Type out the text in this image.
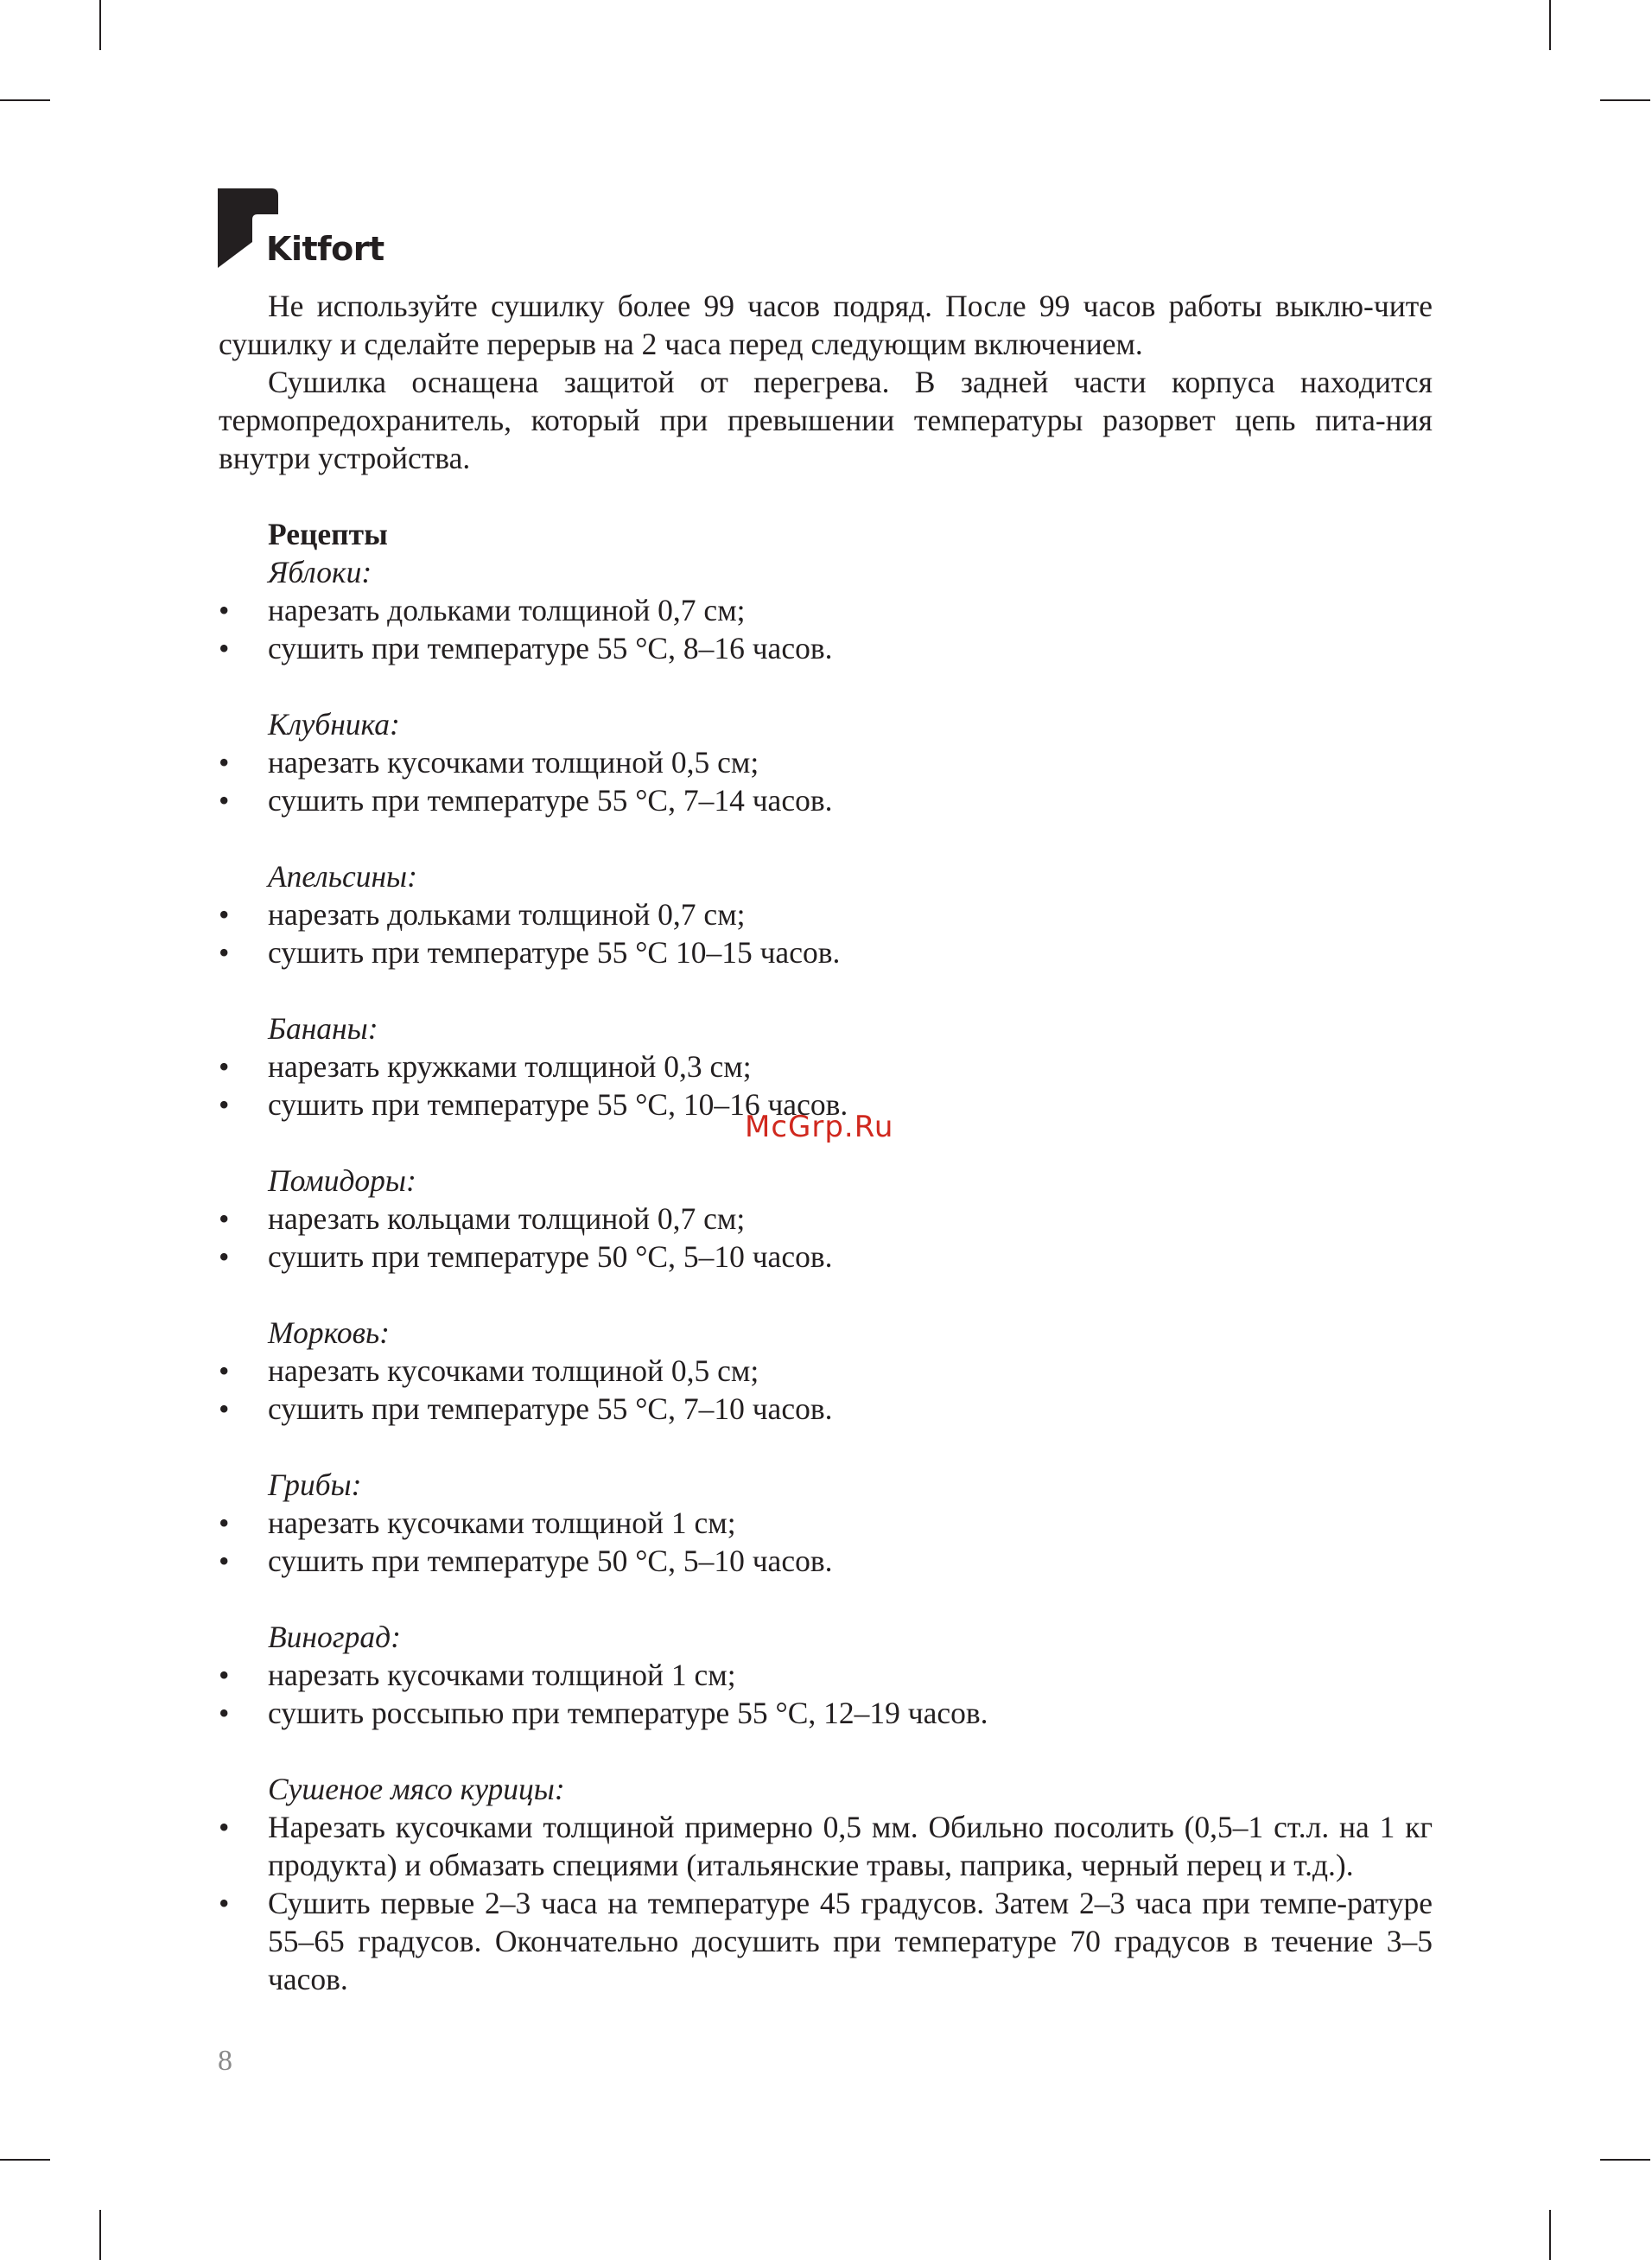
Kitfort

Не используйте сушилку более 99 часов подряд. После 99 часов работы выклю-чите сушилку и сделайте перерыв на 2 часа перед следующим включением.

Сушилка оснащена защитой от перегрева. В задней части корпуса находится термопредохранитель, который при превышении температуры разорвет цепь пита-ния внутри устройства.

Рецепты

Яблоки:

• нарезать дольками толщиной 0,7 см;
• сушить при температуре 55 °С, 8–16 часов.

Клубника:

• нарезать кусочками толщиной 0,5 см;
• сушить при температуре 55 °С, 7–14 часов.

Апельсины:

• нарезать дольками толщиной 0,7 см;
• сушить при температуре 55 °С 10–15 часов.

Бананы:

• нарезать кружками толщиной 0,3 см;
• сушить при температуре 55 °С, 10–16 часов.

Помидоры:

• нарезать кольцами толщиной 0,7 см;
• сушить при температуре 50 °С, 5–10 часов.

Морковь:

• нарезать кусочками толщиной 0,5 см;
• сушить при температуре 55 °С, 7–10 часов.

Грибы:

• нарезать кусочками толщиной 1 см;
• сушить при температуре 50 °С, 5–10 часов.

Виноград:

• нарезать кусочками толщиной 1 см;
• сушить россыпью при температуре 55 °С, 12–19 часов.

Сушеное мясо курицы:

• Нарезать кусочками толщиной примерно 0,5 мм. Обильно посолить (0,5–1 ст.л. на 1 кг продукта) и обмазать специями (итальянские травы, паприка, черный перец и т.д.).
• Сушить первые 2–3 часа на температуре 45 градусов. Затем 2–3 часа при темпе-ратуре 55–65 градусов. Окончательно досушить при температуре 70 градусов в течение 3–5 часов.
McGrp.Ru
8
